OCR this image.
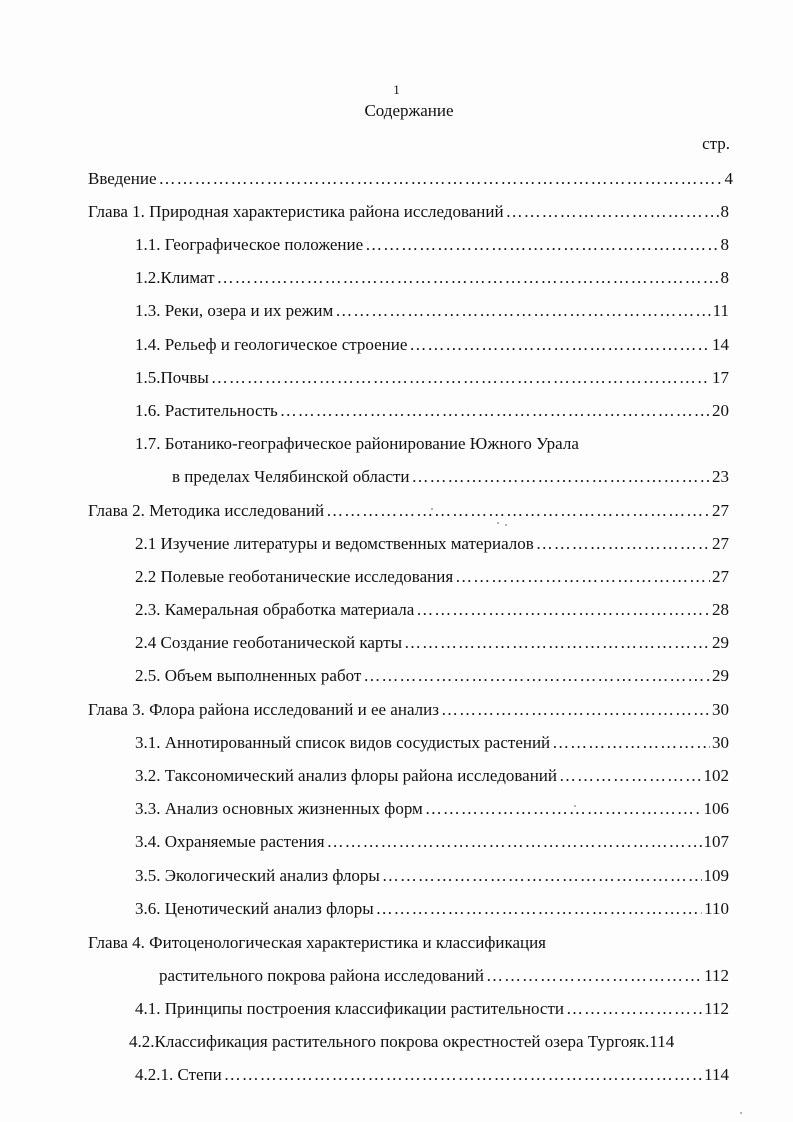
1
Содержание
стр.
Введение ……………………………………………………………………………………………………………………………………………………	4
Глава 1. Природная характеристика района исследований ……………………………………………………………………………………………………………………………………………………	8
1.1. Географическое положение ……………………………………………………………………………………………………………………………………………………	8
1.2.Климат ……………………………………………………………………………………………………………………………………………………	8
1.3. Реки, озера и их режим ……………………………………………………………………………………………………………………………………………………	11
1.4. Рельеф и геологическое строение ……………………………………………………………………………………………………………………………………………………	14
1.5.Почвы ……………………………………………………………………………………………………………………………………………………	17
1.6. Растительность ……………………………………………………………………………………………………………………………………………………	20
1.7. Ботанико-географическое районирование Южного Урала
в пределах Челябинской области ……………………………………………………………………………………………………………………………………………………	23
Глава 2. Методика исследований ……………………………………………………………………………………………………………………………………………………	27
2.1 Изучение литературы и ведомственных материалов ……………………………………………………………………………………………………………………………………………………	27
2.2 Полевые геоботанические исследования ……………………………………………………………………………………………………………………………………………………	27
2.3. Камеральная обработка материала ……………………………………………………………………………………………………………………………………………………	28
2.4 Создание геоботанической карты ……………………………………………………………………………………………………………………………………………………	29
2.5. Объем выполненных работ ……………………………………………………………………………………………………………………………………………………	29
Глава 3. Флора района исследований и ее анализ ……………………………………………………………………………………………………………………………………………………	30
3.1. Аннотированный список видов сосудистых растений ……………………………………………………………………………………………………………………………………………………	30
3.2. Таксономический анализ флоры района исследований ……………………………………………………………………………………………………………………………………………………	102
3.3. Анализ основных жизненных форм ……………………………………………………………………………………………………………………………………………………	106
3.4. Охраняемые растения ……………………………………………………………………………………………………………………………………………………	107
3.5. Экологический анализ флоры ……………………………………………………………………………………………………………………………………………………	109
3.6. Ценотический анализ флоры ……………………………………………………………………………………………………………………………………………………	110
Глава 4. Фитоценологическая характеристика и классификация
растительного покрова района исследований ……………………………………………………………………………………………………………………………………………………	112
4.1. Принципы построения классификации растительности ……………………………………………………………………………………………………………………………………………………	112
4.2.Классификация растительного покрова окрестностей озера Тургояк. 114
4.2.1. Степи ……………………………………………………………………………………………………………………………………………………	114
